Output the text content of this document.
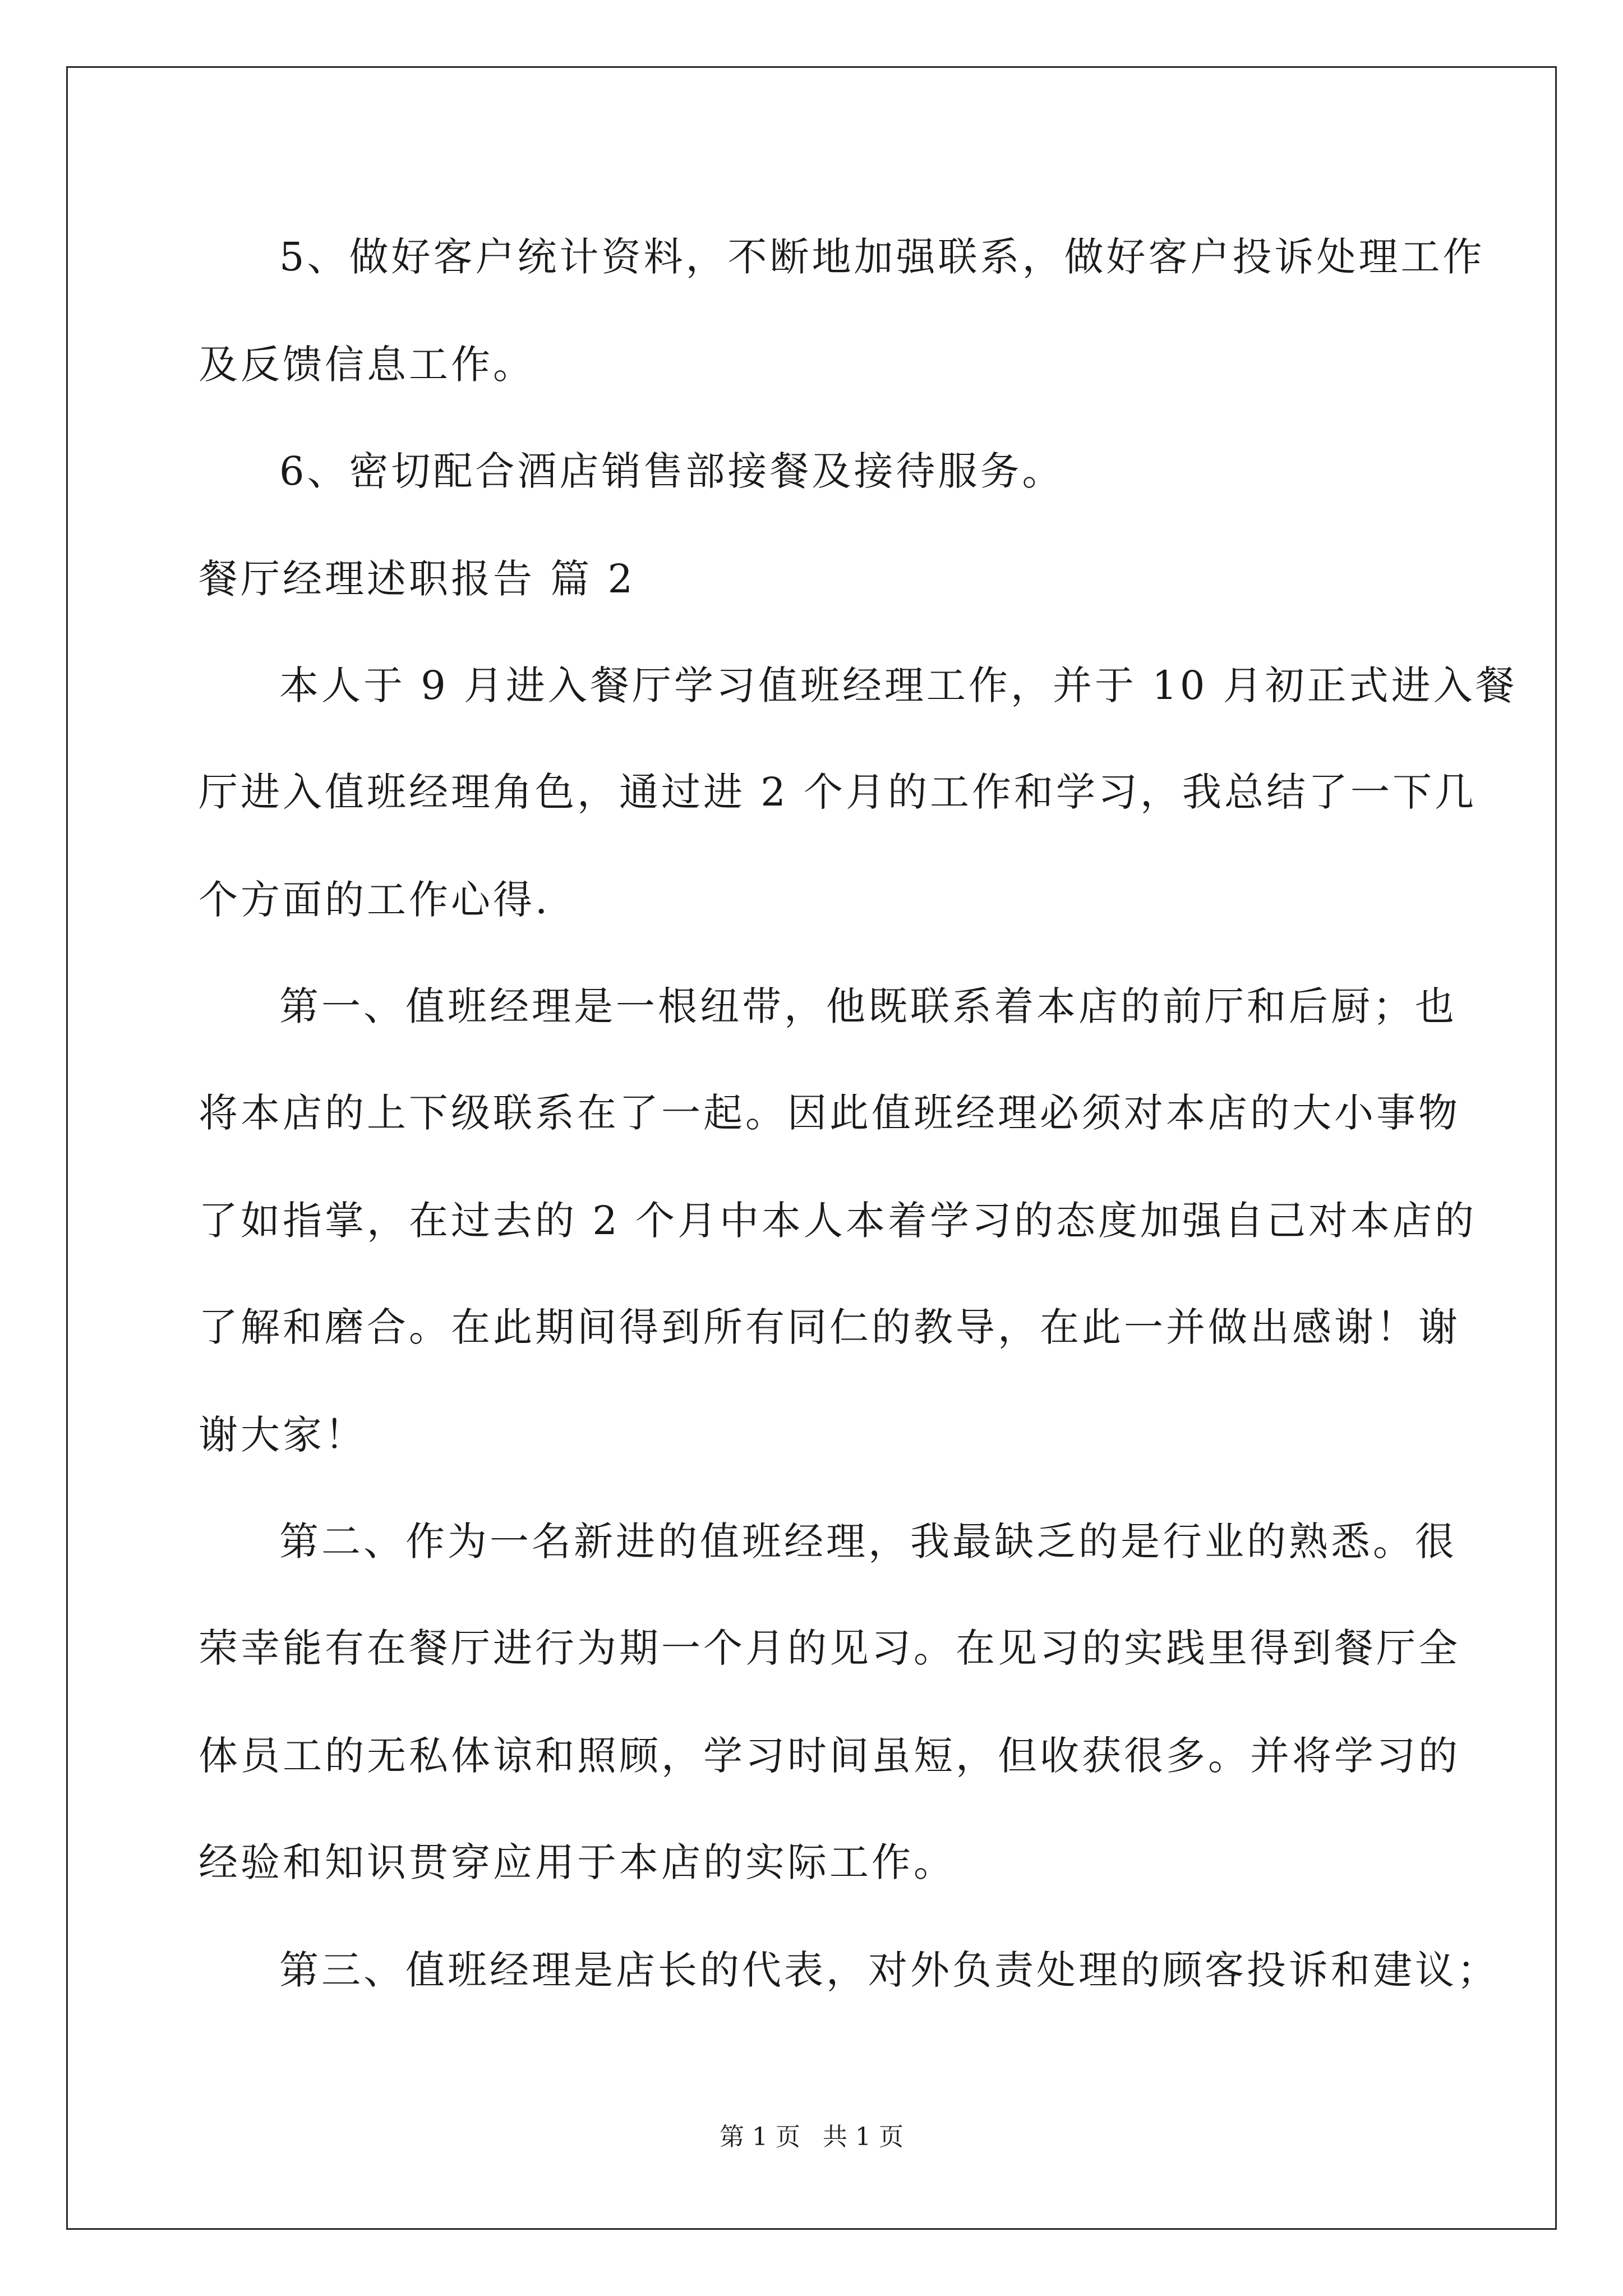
5、做好客户统计资料，不断地加强联系，做好客户投诉处理工作
及反馈信息工作。
6、密切配合酒店销售部接餐及接待服务。
餐厅经理述职报告 篇 2
本人于 9 月进入餐厅学习值班经理工作，并于 10 月初正式进入餐
厅进入值班经理角色，通过进 2 个月的工作和学习，我总结了一下几
个方面的工作心得.
第一、值班经理是一根纽带，他既联系着本店的前厅和后厨；也
将本店的上下级联系在了一起。因此值班经理必须对本店的大小事物
了如指掌，在过去的 2 个月中本人本着学习的态度加强自己对本店的
了解和磨合。在此期间得到所有同仁的教导，在此一并做出感谢！谢
谢大家！
第二、作为一名新进的值班经理，我最缺乏的是行业的熟悉。很
荣幸能有在餐厅进行为期一个月的见习。在见习的实践里得到餐厅全
体员工的无私体谅和照顾，学习时间虽短，但收获很多。并将学习的
经验和知识贯穿应用于本店的实际工作。
第三、值班经理是店长的代表，对外负责处理的顾客投诉和建议；
第 1 页 共 1 页
